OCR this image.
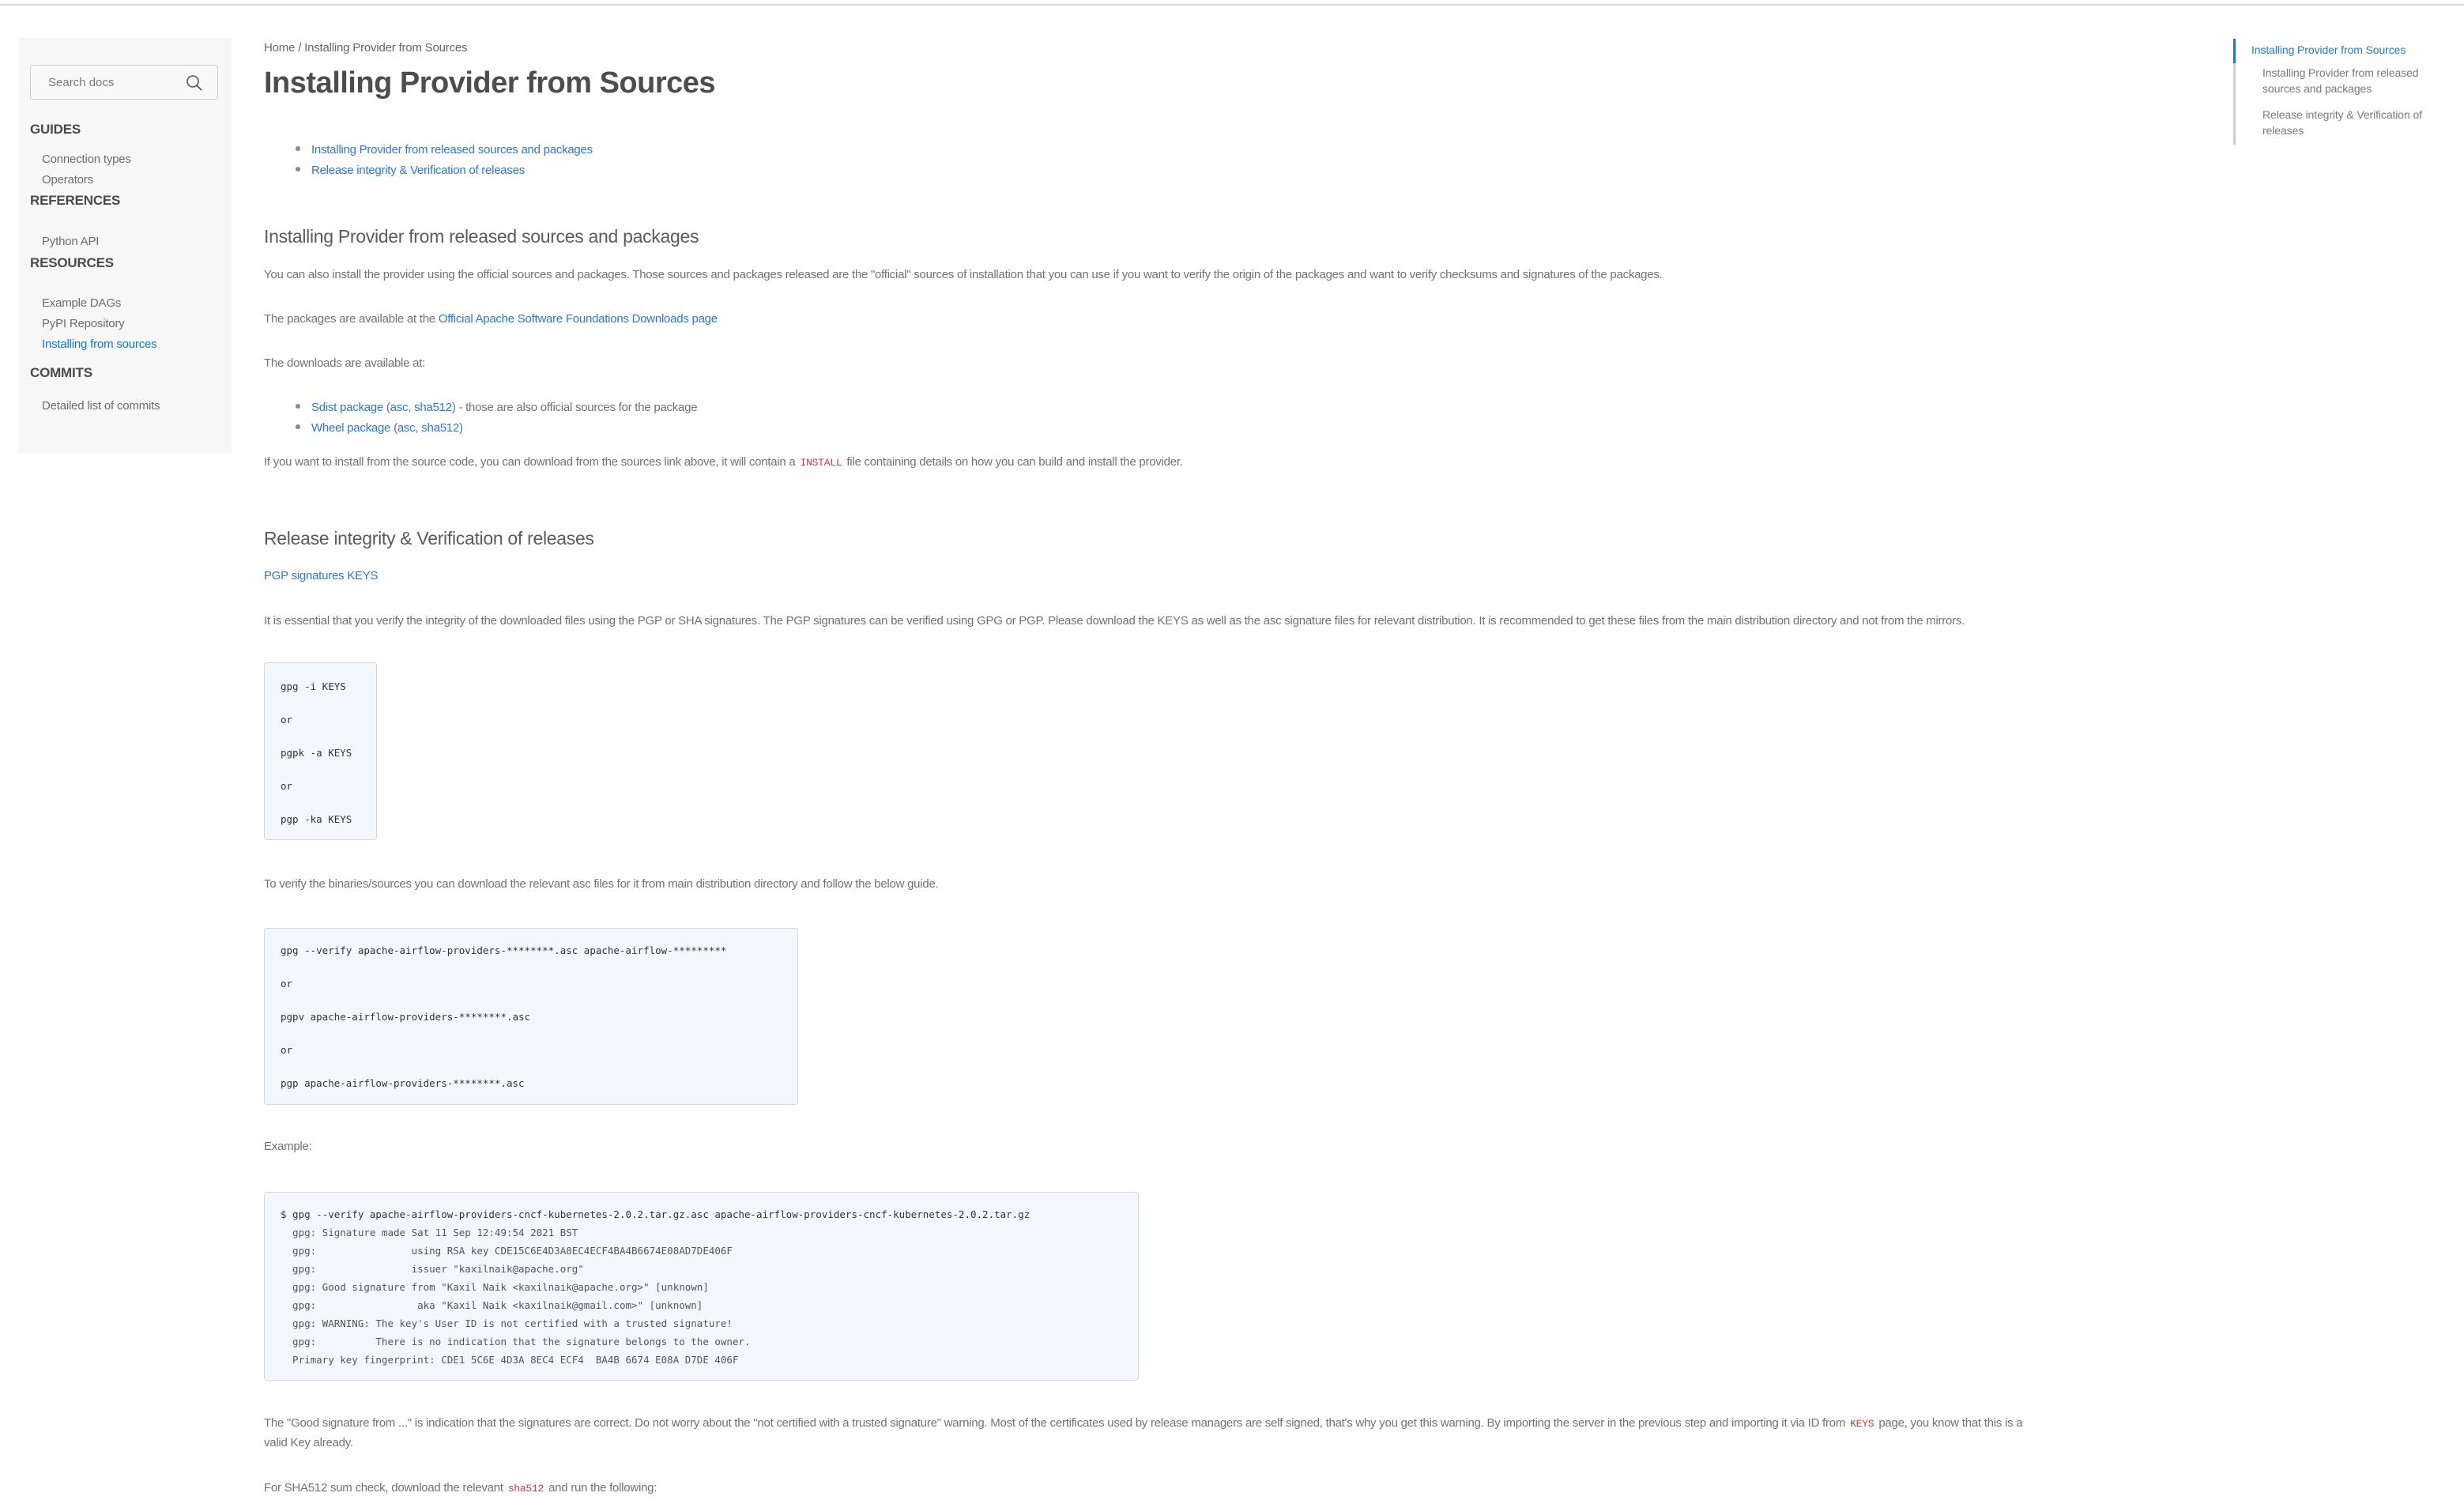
Search docs
GUIDES
Connection types
Operators
REFERENCES
Python API
RESOURCES
Example DAGs
PyPI Repository
Installing from sources
COMMITS
Detailed list of commits
Home / Installing Provider from Sources
Installing Provider from Sources
Installing Provider from released sources and packages
Release integrity & Verification of releases
Installing Provider from released sources and packages

You can also install the provider using the official sources and packages. Those sources and packages released are the "official" sources of installation that you can use if you want to verify the origin of the packages and want to verify checksums and signatures of the packages.

The packages are available at the Official Apache Software Foundations Downloads page

The downloads are available at:

Sdist package (asc, sha512) - those are also official sources for the package
Wheel package (asc, sha512)

If you want to install from the source code, you can download from the sources link above, it will contain a INSTALL file containing details on how you can build and install the provider.

Release integrity & Verification of releases
PGP signatures KEYS

It is essential that you verify the integrity of the downloaded files using the PGP or SHA signatures. The PGP signatures can be verified using GPG or PGP. Please download the KEYS as well as the asc signature files for relevant distribution. It is recommended to get these files from the main distribution directory and not from the mirrors.

gpg -i KEYS
or
pgpk -a KEYS
or
pgp -ka KEYS

To verify the binaries/sources you can download the relevant asc files for it from main distribution directory and follow the below guide.

gpg --verify apache-airflow-providers-********.asc apache-airflow-*********
or
pgpv apache-airflow-providers-********.asc
or
pgp apache-airflow-providers-********.asc

Example:

$ gpg --verify apache-airflow-providers-cncf-kubernetes-2.0.2.tar.gz.asc apache-airflow-providers-cncf-kubernetes-2.0.2.tar.gz
gpg: Signature made Sat 11 Sep 12:49:54 2021 BST
gpg:                using RSA key CDE15C6E4D3A8EC4ECF4BA4B6674E08AD7DE406F
gpg:                issuer "kaxilnaik@apache.org"
gpg: Good signature from "Kaxil Naik <kaxilnaik@apache.org>" [unknown]
gpg:                 aka "Kaxil Naik <kaxilnaik@gmail.com>" [unknown]
gpg: WARNING: The key's User ID is not certified with a trusted signature!
gpg:          There is no indication that the signature belongs to the owner.
Primary key fingerprint: CDE1 5C6E 4D3A 8EC4 ECF4  BA4B 6674 E08A D7DE 406F

The "Good signature from ..." is indication that the signatures are correct. Do not worry about the "not certified with a trusted signature" warning. Most of the certificates used by release managers are self signed, that's why you get this warning. By importing the server in the previous step and importing it via ID from KEYS page, you know that this is a

valid Key already.

For SHA512 sum check, download the relevant sha512 and run the following:

Installing Provider from Sources
Installing Provider from released sources and packages
Release integrity & Verification of releases
